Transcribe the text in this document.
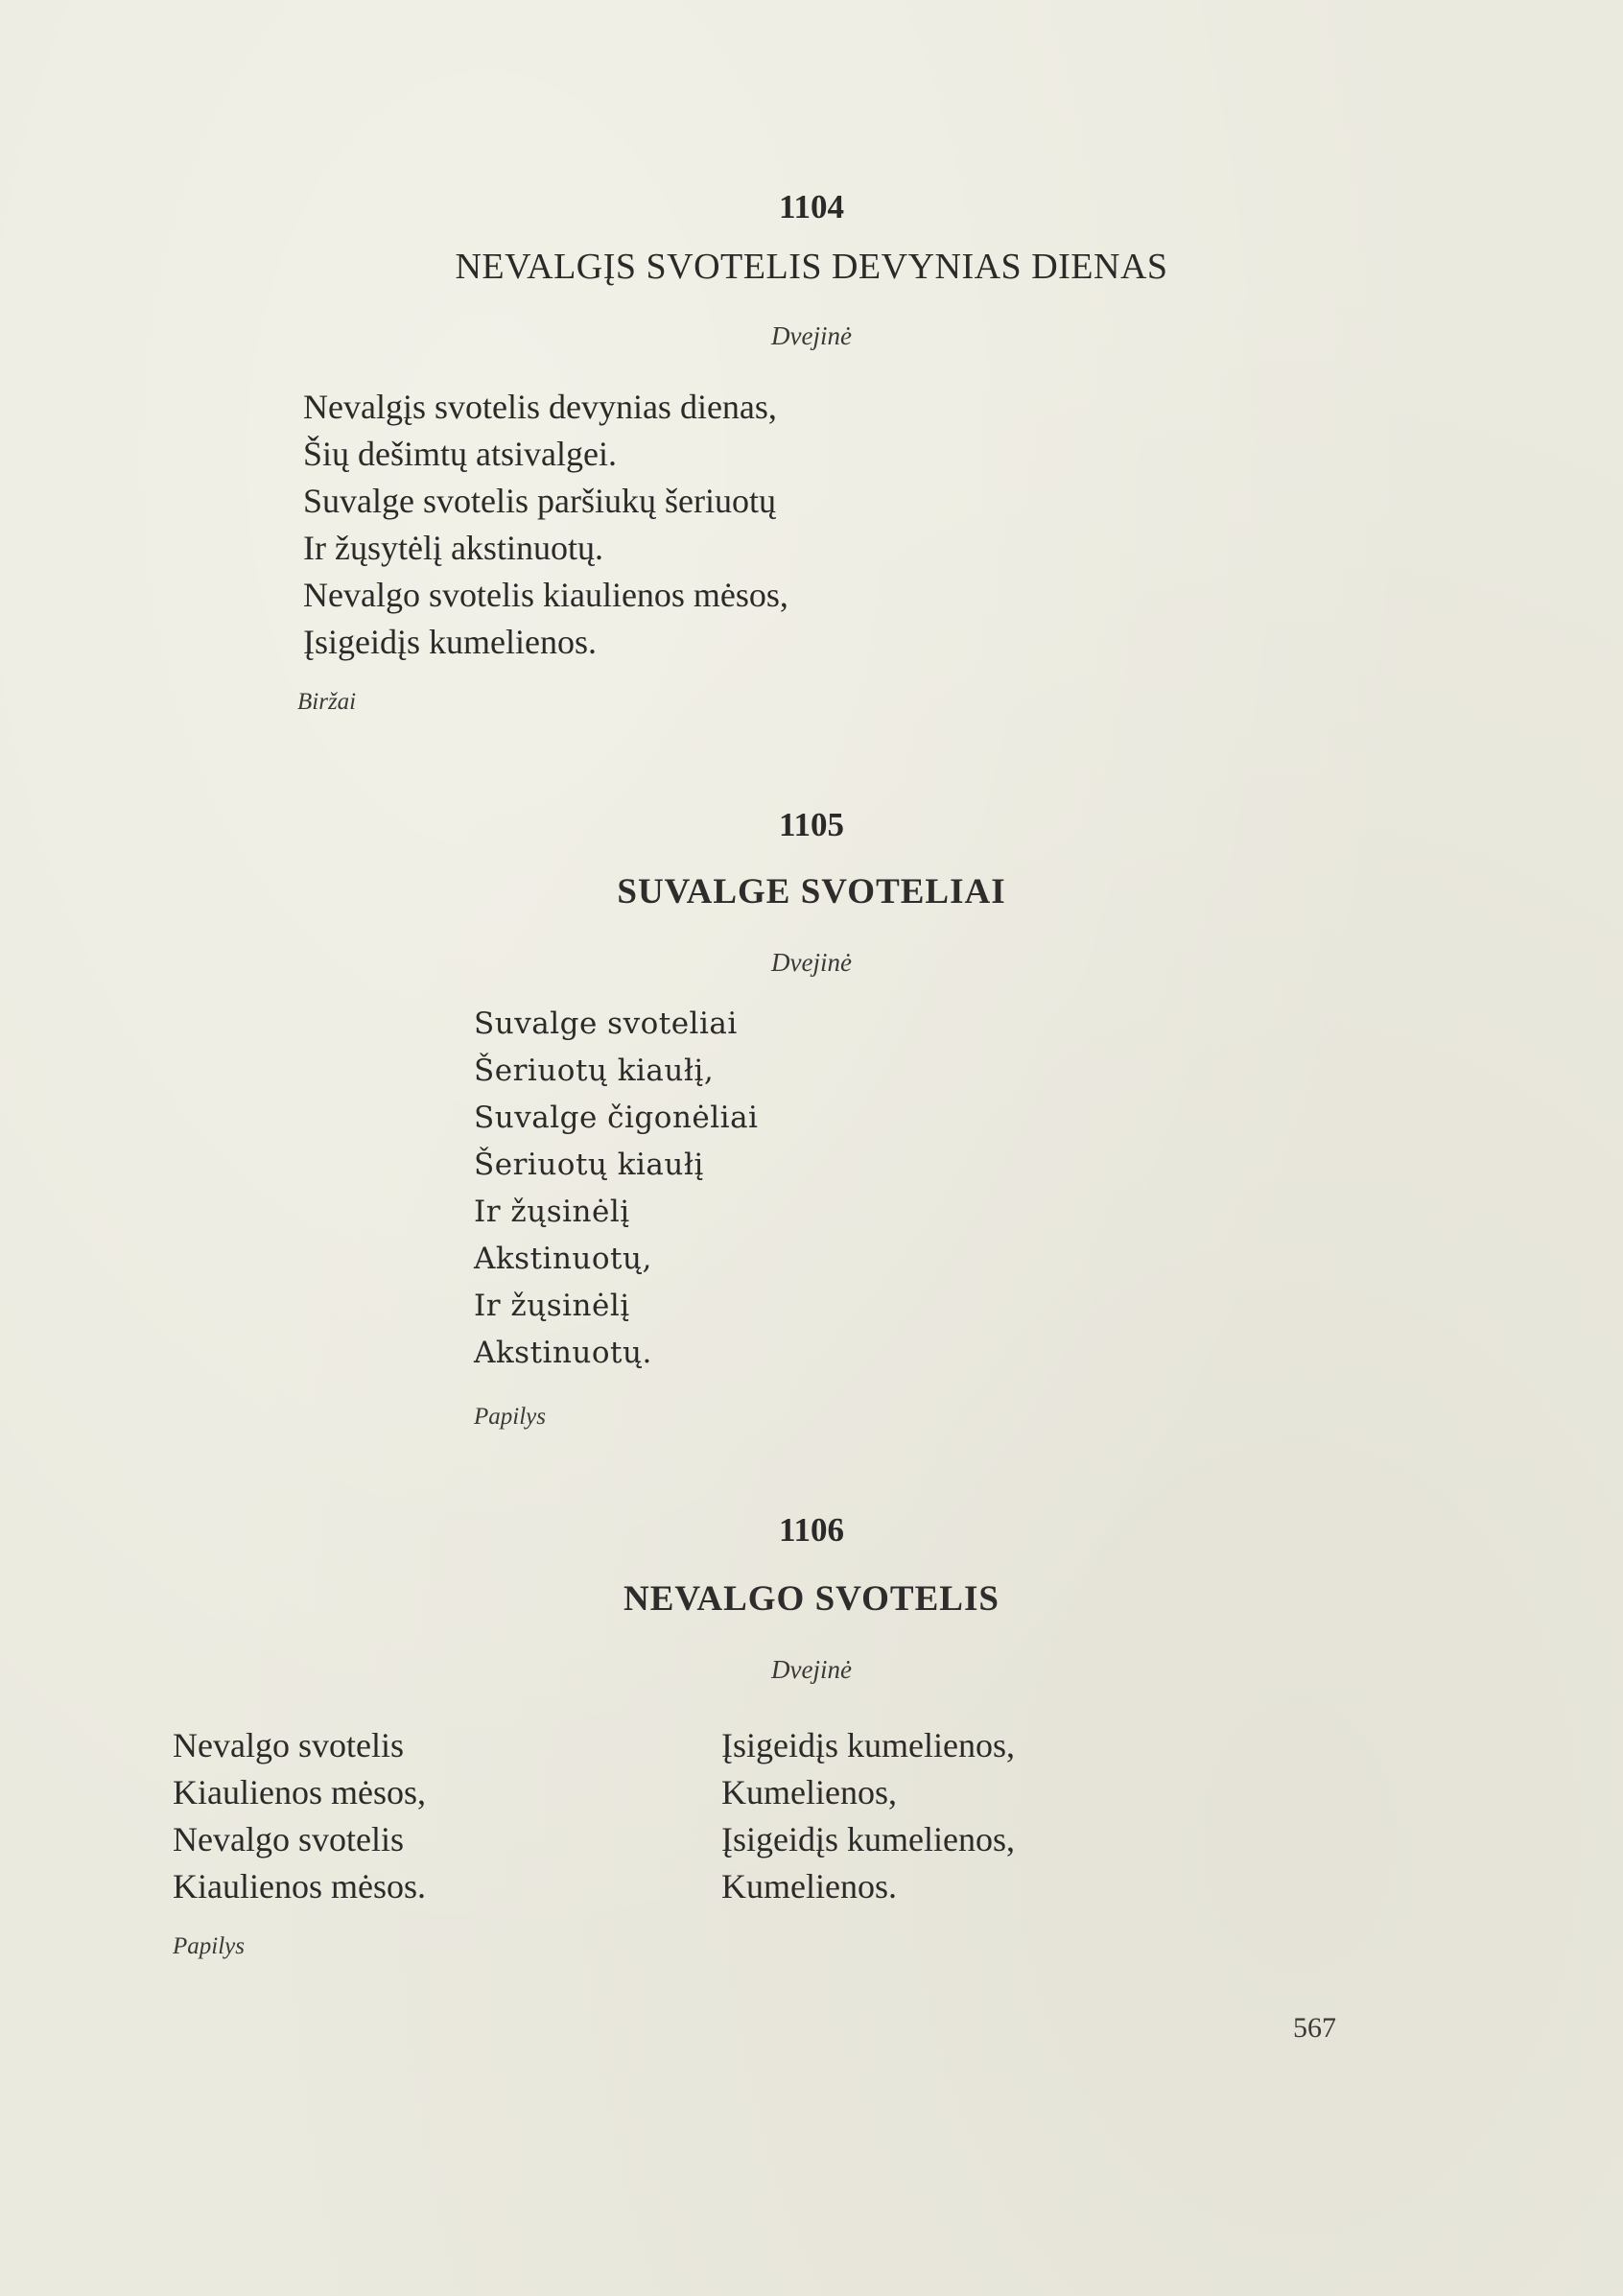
1104
NEVALGĮS SVOTELIS DEVYNIAS DIENAS
Dvejinė
Nevalgįs svotelis devynias dienas,
Šių dešimtų atsivalgei.
Suvalge svotelis paršiukų šeriuotų
Ir žųsytėlį akstinuotų.
Nevalgo svotelis kiaulienos mėsos,
Įsigeidįs kumelienos.
Biržai
1105
SUVALGE SVOTELIAI
Dvejinė
Suvalge svoteliai
Šeriuotų kiaułį,
Suvalge čigonėliai
Šeriuotų kiaułį
Ir žųsinėlį
Akstinuotų,
Ir žųsinėlį
Akstinuotų.
Papilys
1106
NEVALGO SVOTELIS
Dvejinė
Nevalgo svotelis
Kiaulienos mėsos,
Nevalgo svotelis
Kiaulienos mėsos.
Įsigeidįs kumelienos,
Kumelienos,
Įsigeidįs kumelienos,
Kumelienos.
Papilys
567
